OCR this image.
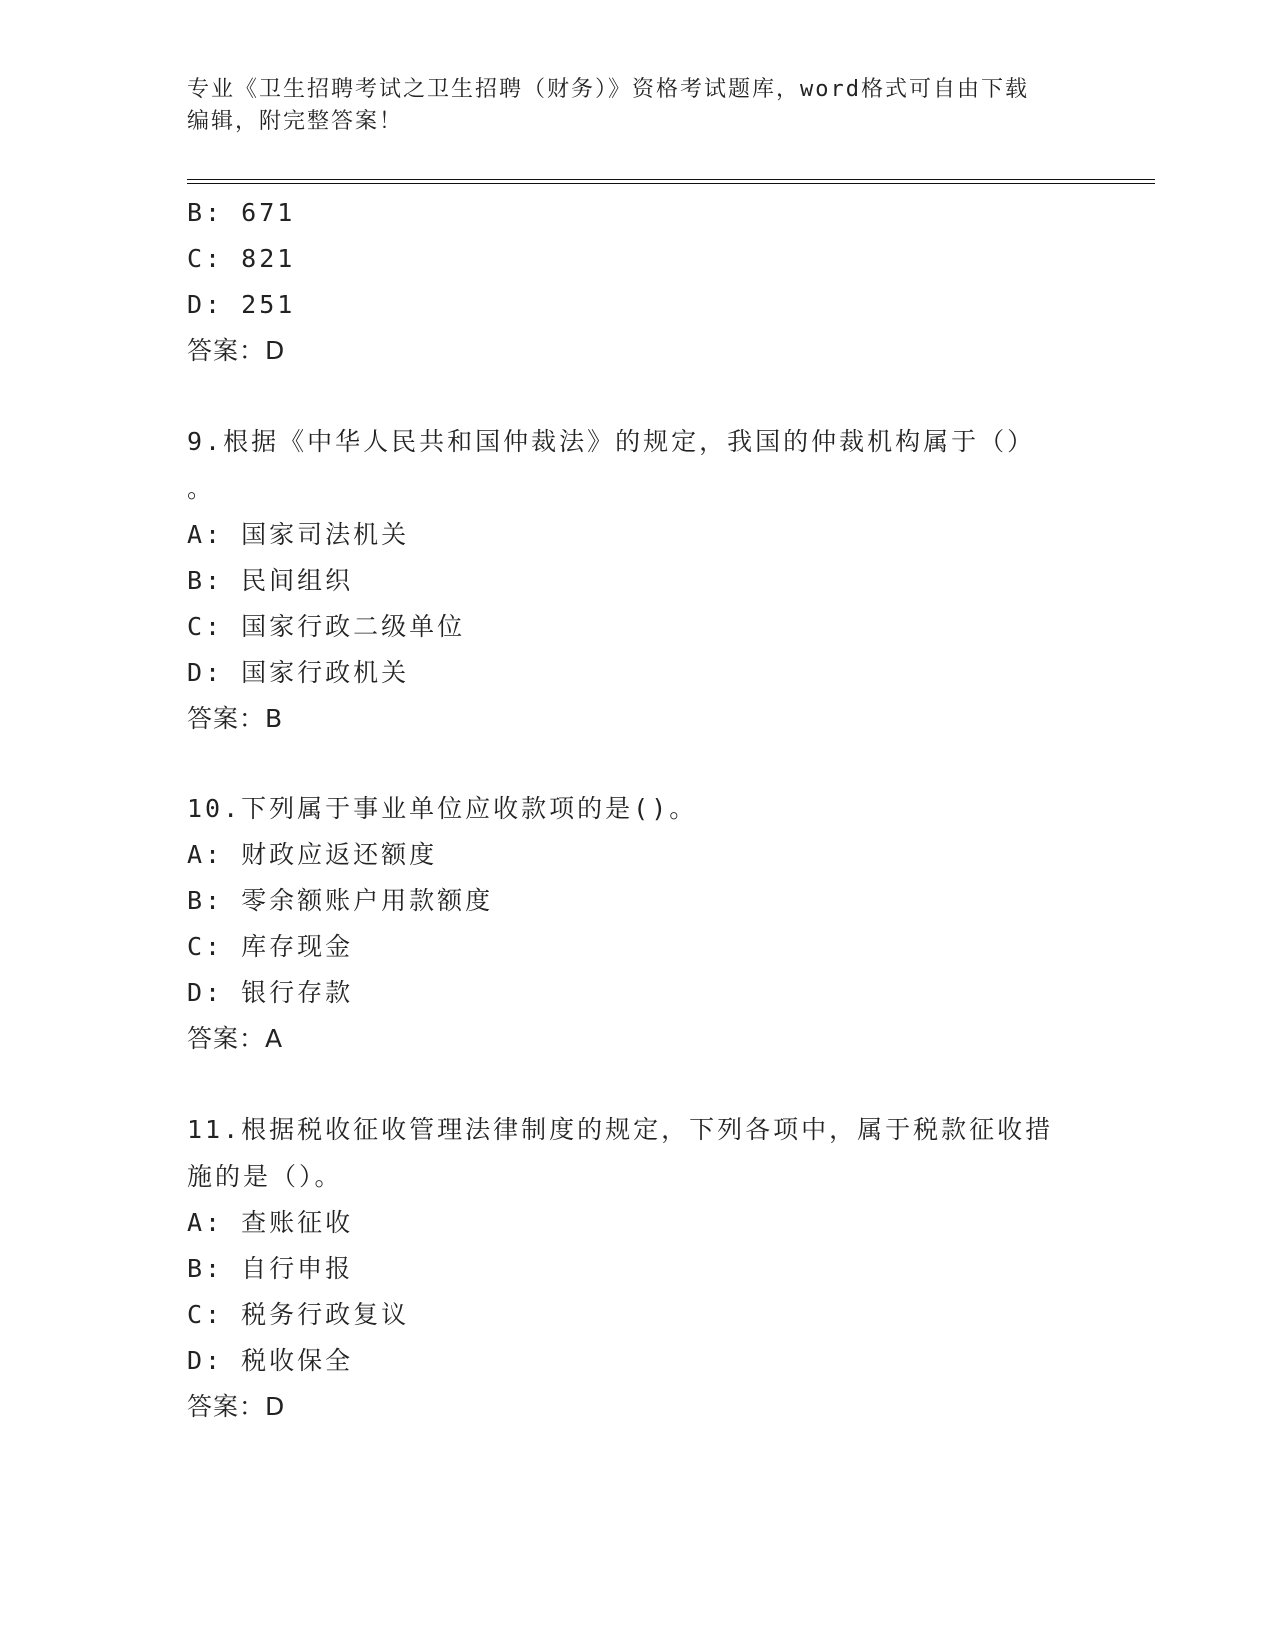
专业《卫生招聘考试之卫生招聘（财务）》资格考试题库，word格式可自由下载
编辑，附完整答案！
B: 671
C: 821
D: 251
答案：D
9.根据《中华人民共和国仲裁法》的规定，我国的仲裁机构属于（）
。
A: 国家司法机关
B: 民间组织
C: 国家行政二级单位
D: 国家行政机关
答案：B
10.下列属于事业单位应收款项的是()。
A: 财政应返还额度
B: 零余额账户用款额度
C: 库存现金
D: 银行存款
答案：A
11.根据税收征收管理法律制度的规定，下列各项中，属于税款征收措
施的是（）。
A: 查账征收
B: 自行申报
C: 税务行政复议
D: 税收保全
答案：D
